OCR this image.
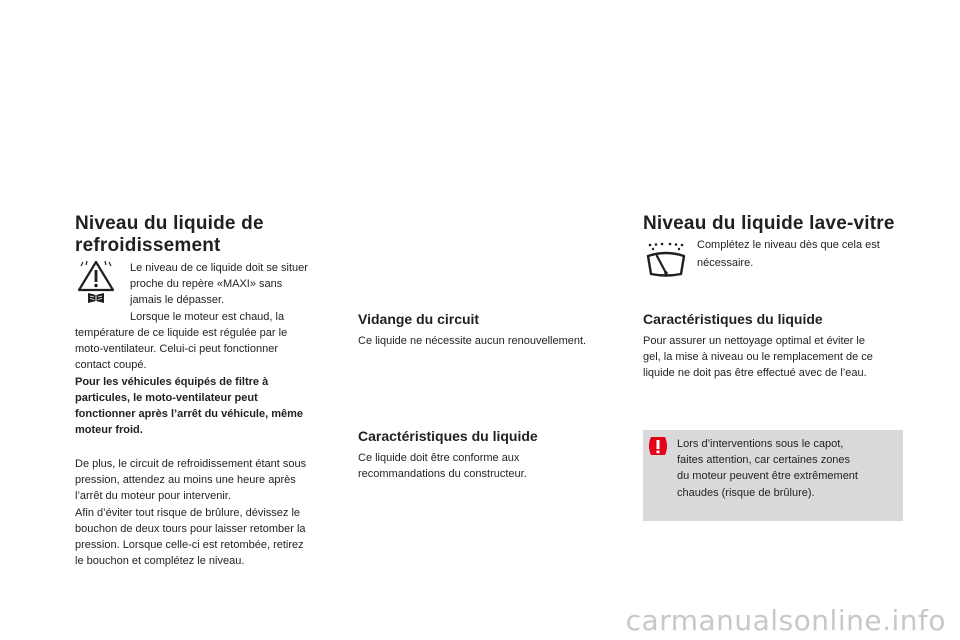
Niveau du liquide de
refroidissement
Le niveau de ce liquide doit se situer
proche du repère «MAXI» sans
jamais le dépasser.
Lorsque le moteur est chaud, la
température de ce liquide est régulée par le
moto-ventilateur. Celui-ci peut fonctionner
contact coupé.
Pour les véhicules équipés de filtre à
particules, le moto-ventilateur peut
fonctionner après l’arrêt du véhicule, même
moteur froid.
De plus, le circuit de refroidissement étant sous
pression, attendez au moins une heure après
l’arrêt du moteur pour intervenir.
Afin d’éviter tout risque de brûlure, dévissez le
bouchon de deux tours pour laisser retomber la
pression. Lorsque celle-ci est retombée, retirez
le bouchon et complétez le niveau.
Vidange du circuit
Ce liquide ne nécessite aucun renouvellement.
Caractéristiques du liquide
Ce liquide doit être conforme aux
recommandations du constructeur.
Niveau du liquide lave-vitre
Complétez le niveau dès que cela est
nécessaire.
Caractéristiques du liquide
Pour assurer un nettoyage optimal et éviter le
gel, la mise à niveau ou le remplacement de ce
liquide ne doit pas être effectué avec de l’eau.
Lors d’interventions sous le capot,
faites attention, car certaines zones
du moteur peuvent être extrêmement
chaudes (risque de brûlure).
carmanualsonline.info
